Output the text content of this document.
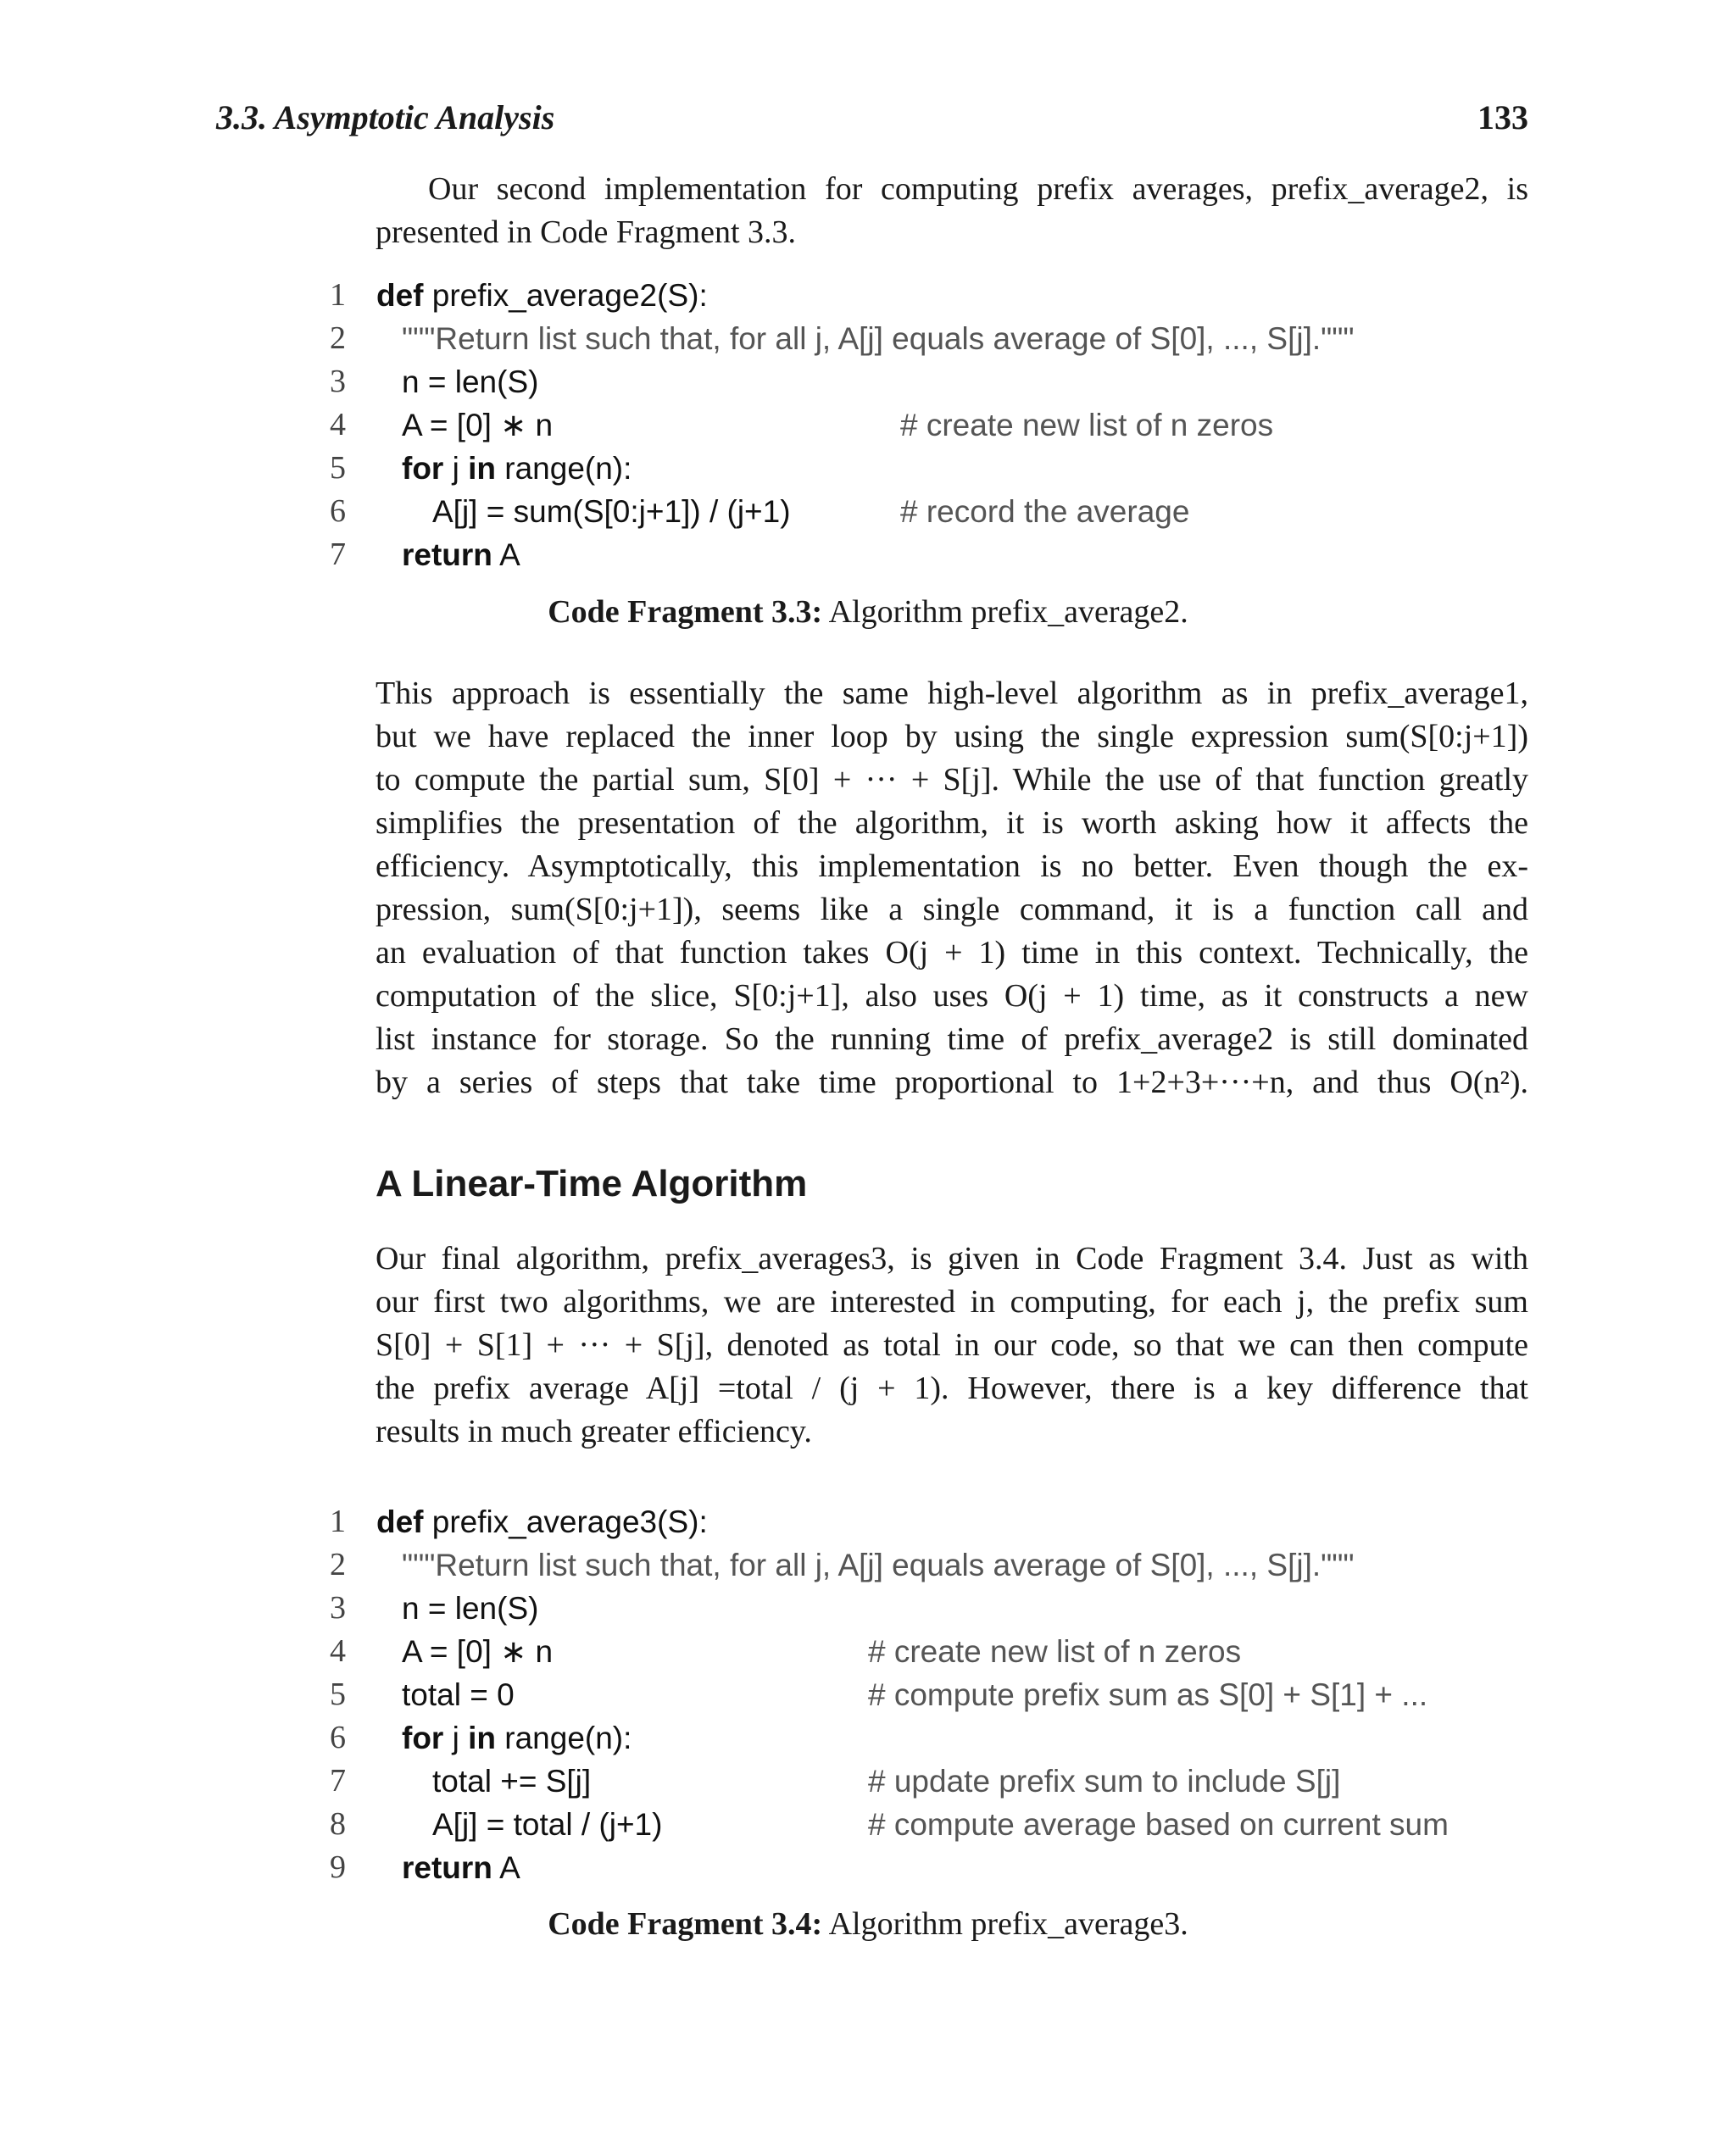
3.3. Asymptotic Analysis	133
Our second implementation for computing prefix averages, prefix_average2, is
presented in Code Fragment 3.3.
1 def prefix_average2(S):
2 """Return list such that, for all j, A[j] equals average of S[0], ..., S[j]."""
3 n = len(S)
4 A = [0] ∗ n	# create new list of n zeros
5 for j in range(n):
6	A[j] = sum(S[0:j+1]) / (j+1)	# record the average
7 return A
Code Fragment 3.3: Algorithm prefix_average2.
This approach is essentially the same high-level algorithm as in prefix_average1,
but we have replaced the inner loop by using the single expression sum(S[0:j+1])
to compute the partial sum, S[0] + ··· + S[j]. While the use of that function greatly
simplifies the presentation of the algorithm, it is worth asking how it affects the
efficiency. Asymptotically, this implementation is no better. Even though the ex-
pression, sum(S[0:j+1]), seems like a single command, it is a function call and
an evaluation of that function takes O(j + 1) time in this context. Technically, the
computation of the slice, S[0:j+1], also uses O(j + 1) time, as it constructs a new
list instance for storage. So the running time of prefix_average2 is still dominated
by a series of steps that take time proportional to 1+2+3+···+n, and thus O(n²).
A Linear-Time Algorithm
Our final algorithm, prefix_averages3, is given in Code Fragment 3.4. Just as with
our first two algorithms, we are interested in computing, for each j, the prefix sum
S[0] + S[1] + ··· + S[j], denoted as total in our code, so that we can then compute
the prefix average A[j] =total / (j + 1). However, there is a key difference that
results in much greater efficiency.
1 def prefix_average3(S):
2 """Return list such that, for all j, A[j] equals average of S[0], ..., S[j]."""
3 n = len(S)
4 A = [0] ∗ n	# create new list of n zeros
5 total = 0	# compute prefix sum as S[0] + S[1] + ...
6 for j in range(n):
7	total += S[j]	# update prefix sum to include S[j]
8	A[j] = total / (j+1)	# compute average based on current sum
9 return A
Code Fragment 3.4: Algorithm prefix_average3.
